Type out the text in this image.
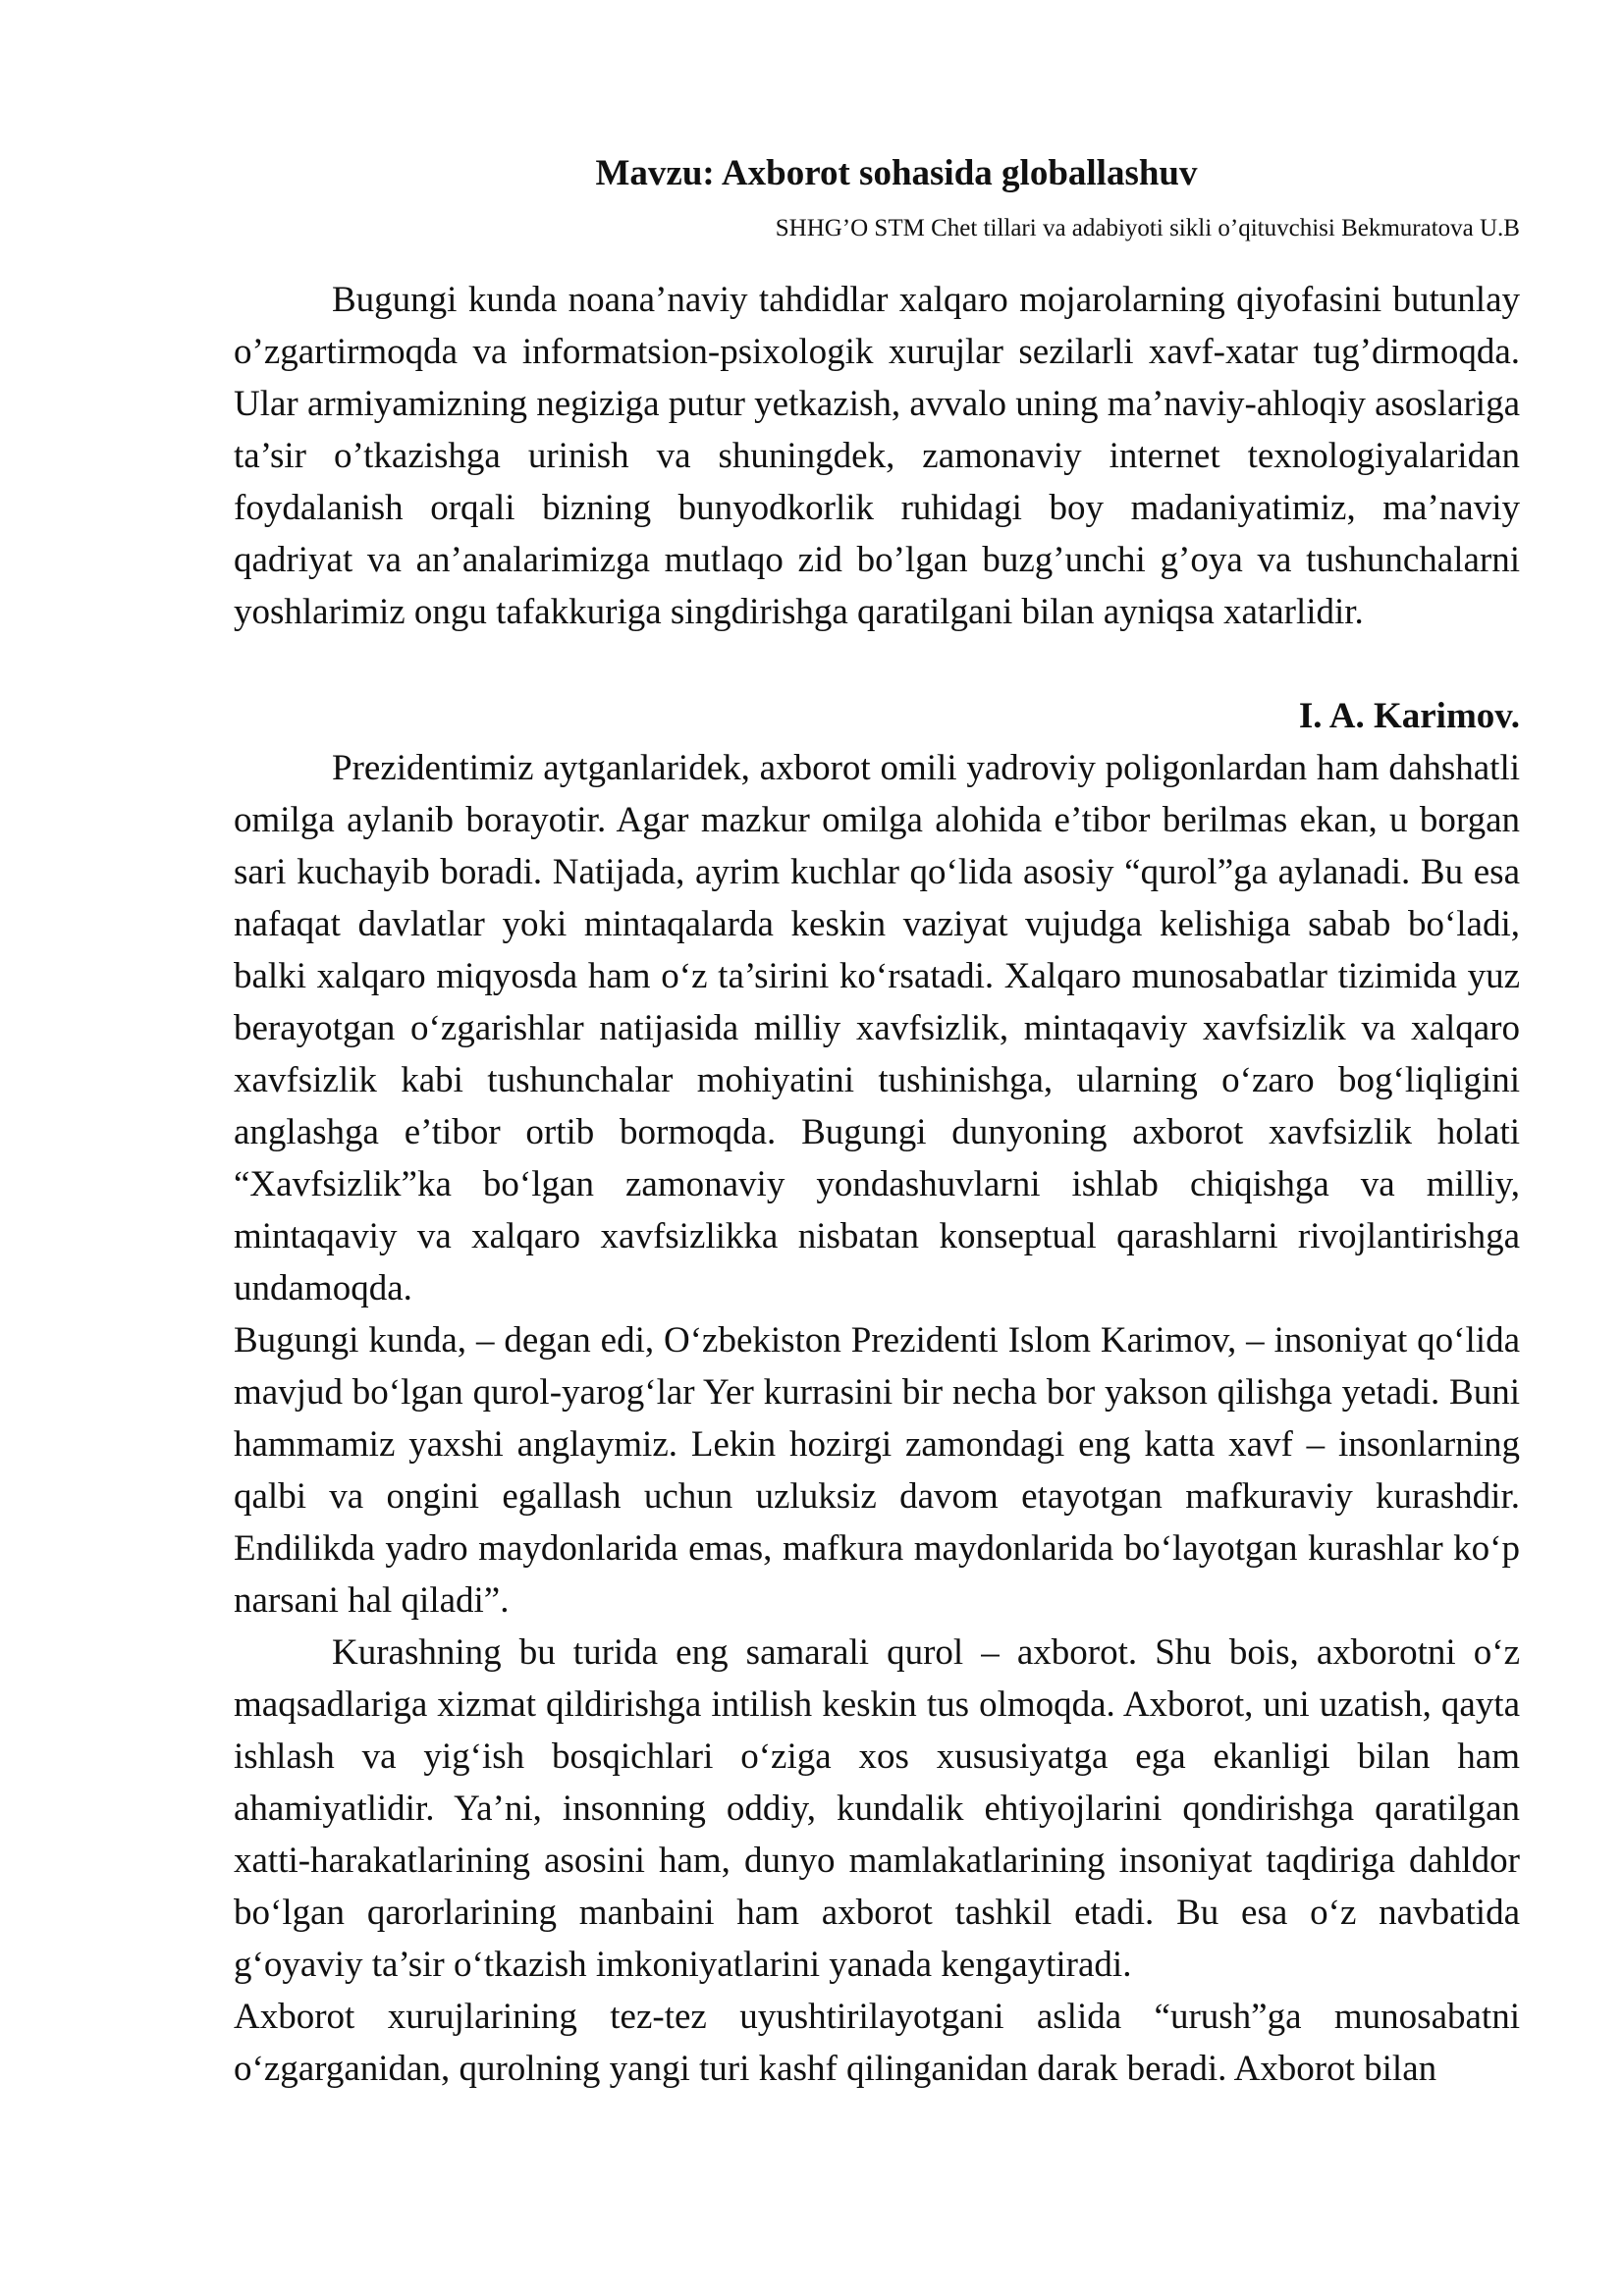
Mavzu: Axborot sohasida globallashuv
SHHG’O STM Chet tillari va adabiyoti sikli o’qituvchisi Bekmuratova U.B

Bugungi kunda noana’naviy tahdidlar xalqaro mojarolarning qiyofasini butunlay o’zgartirmoqda va informatsion-psixologik xurujlar sezilarli xavf-xatar tug’dirmoqda. Ular armiyamizning negiziga putur yetkazish, avvalo uning ma’naviy-ahloqiy asoslariga ta’sir o’tkazishga urinish va shuningdek, zamonaviy internet texnologiyalaridan foydalanish orqali bizning bunyodkorlik ruhidagi boy madaniyatimiz, ma’naviy qadriyat va an’analarimizga mutlaqo zid bo’lgan buzg’unchi g’oya va tushunchalarni yoshlarimiz ongu tafakkuriga singdirishga qaratilgani bilan ayniqsa xatarlidir.

I. A. Karimov.

Prezidentimiz aytganlaridek, axborot omili yadroviy poligonlardan ham dahshatli omilga aylanib borayotir. Agar mazkur omilga alohida e’tibor berilmas ekan, u borgan sari kuchayib boradi. Natijada, ayrim kuchlar qo‘lida asosiy “qurol”ga aylanadi. Bu esa nafaqat davlatlar yoki mintaqalarda keskin vaziyat vujudga kelishiga sabab bo‘ladi, balki xalqaro miqyosda ham o‘z ta’sirini ko‘rsatadi. Xalqaro munosabatlar tizimida yuz berayotgan o‘zgarishlar natijasida milliy xavfsizlik, mintaqaviy xavfsizlik va xalqaro xavfsizlik kabi tushunchalar mohiyatini tushinishga, ularning o‘zaro bog‘liqligini anglashga e’tibor ortib bormoqda. Bugungi dunyoning axborot xavfsizlik holati “Xavfsizlik”ka bo‘lgan zamonaviy yondashuvlarni ishlab chiqishga va milliy, mintaqaviy va xalqaro xavfsizlikka nisbatan konseptual qarashlarni rivojlantirishga undamoqda.

Bugungi kunda, – degan edi, O‘zbekiston Prezidenti Islom Karimov, – insoniyat qo‘lida mavjud bo‘lgan qurol-yarog‘lar Yer kurrasini bir necha bor yakson qilishga yetadi. Buni hammamiz yaxshi anglaymiz. Lekin hozirgi zamondagi eng katta xavf – insonlarning qalbi va ongini egallash uchun uzluksiz davom etayotgan mafkuraviy kurashdir. Endilikda yadro maydonlarida emas, mafkura maydonlarida bo‘layotgan kurashlar ko‘p narsani hal qiladi”.

Kurashning bu turida eng samarali qurol – axborot. Shu bois, axborotni o‘z maqsadlariga xizmat qildirishga intilish keskin tus olmoqda. Axborot, uni uzatish, qayta ishlash va yig‘ish bosqichlari o‘ziga xos xususiyatga ega ekanligi bilan ham ahamiyatlidir. Ya’ni, insonning oddiy, kundalik ehtiyojlarini qondirishga qaratilgan xatti-harakatlarining asosini ham, dunyo mamlakatlarining insoniyat taqdiriga dahldor bo‘lgan qarorlarining manbaini ham axborot tashkil etadi. Bu esa o‘z navbatida g‘oyaviy ta’sir o‘tkazish imkoniyatlarini yanada kengaytiradi.

Axborot xurujlarining tez-tez uyushtirilayotgani aslida “urush”ga munosabatni o‘zgarganidan, qurolning yangi turi kashf qilinganidan darak beradi. Axborot bilan
